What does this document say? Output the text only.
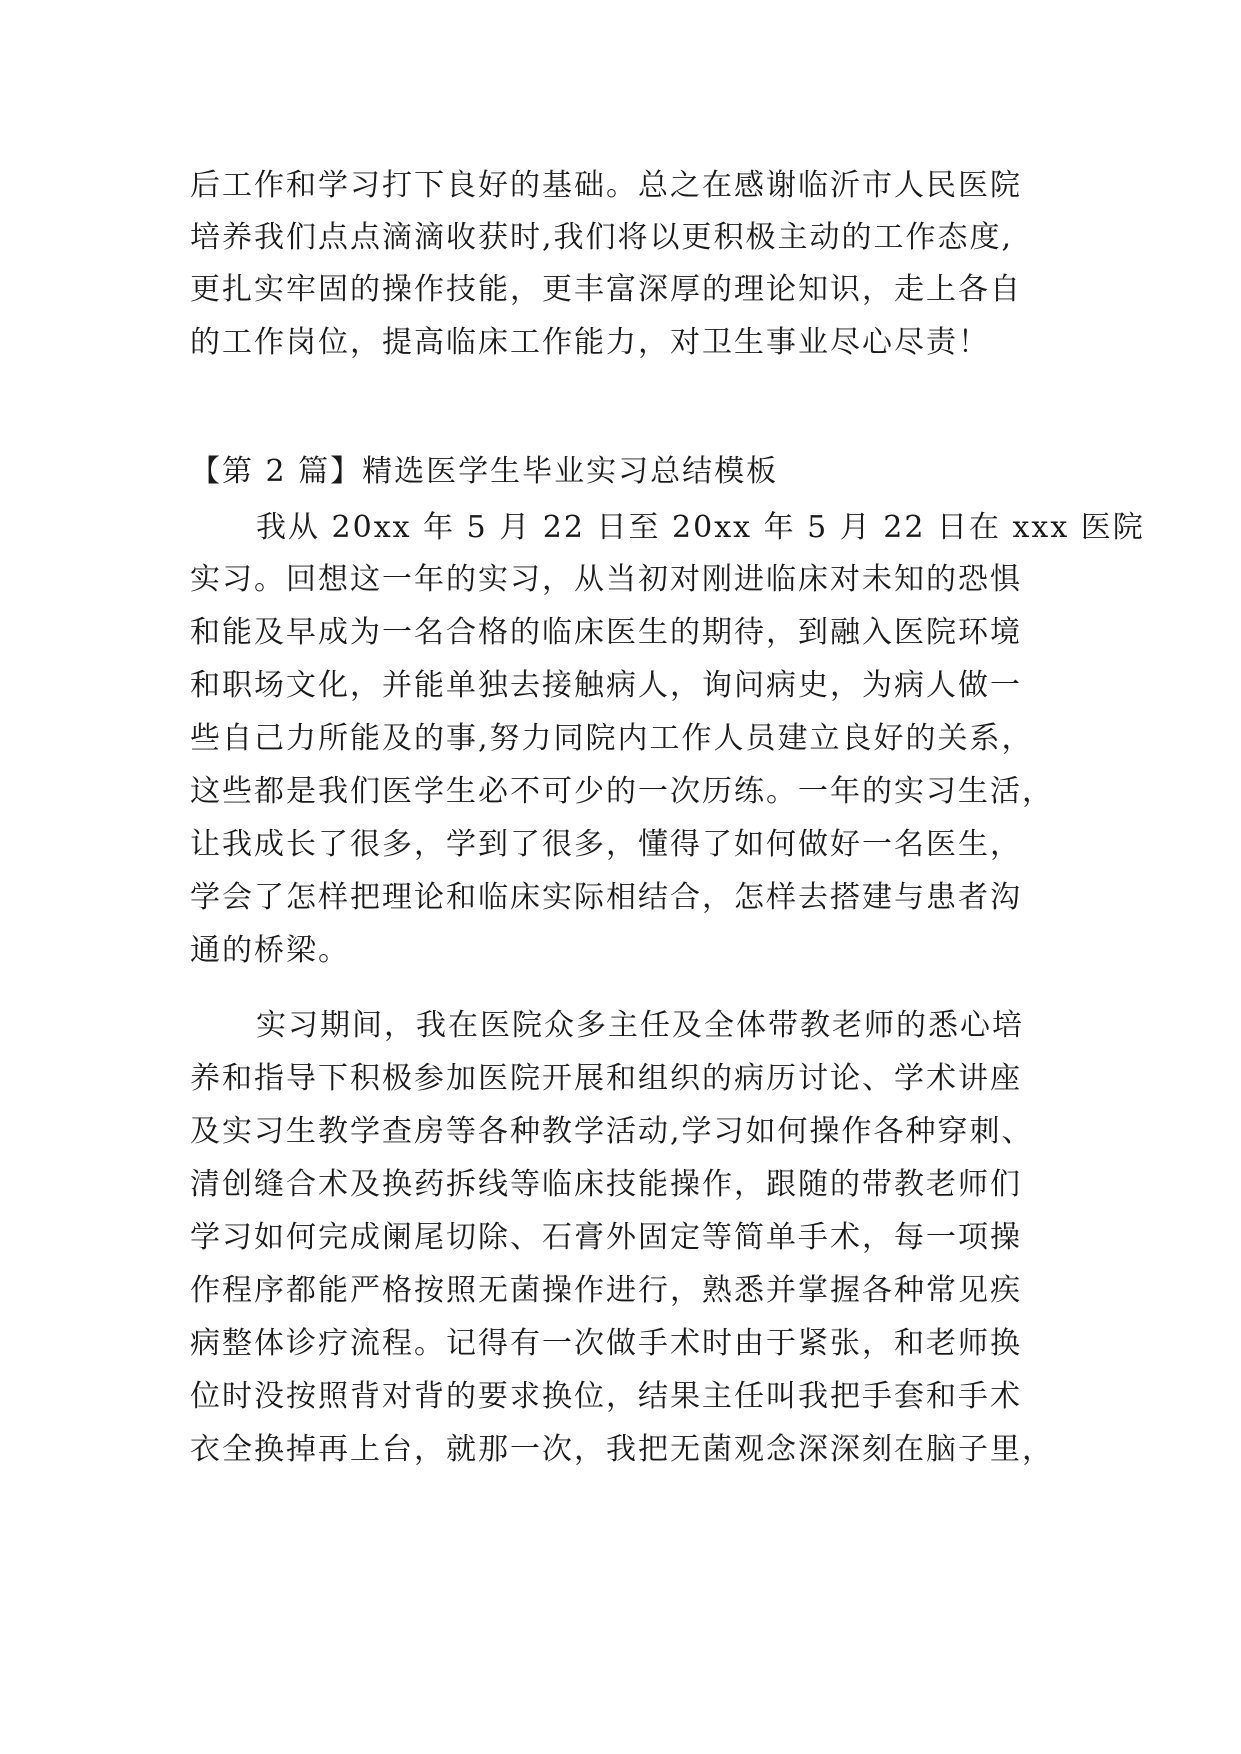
后工作和学习打下良好的基础。总之在感谢临沂市人民医院
培养我们点点滴滴收获时,我们将以更积极主动的工作态度,
更扎实牢固的操作技能，更丰富深厚的理论知识，走上各自
的工作岗位，提高临床工作能力，对卫生事业尽心尽责！
【第 2 篇】精选医学生毕业实习总结模板
我从 20xx 年 5 月 22 日至 20xx 年 5 月 22 日在 xxx 医院
实习。回想这一年的实习，从当初对刚进临床对未知的恐惧
和能及早成为一名合格的临床医生的期待，到融入医院环境
和职场文化，并能单独去接触病人，询问病史，为病人做一
些自己力所能及的事,努力同院内工作人员建立良好的关系，
这些都是我们医学生必不可少的一次历练。一年的实习生活，
让我成长了很多，学到了很多，懂得了如何做好一名医生，
学会了怎样把理论和临床实际相结合，怎样去搭建与患者沟
通的桥梁。
实习期间，我在医院众多主任及全体带教老师的悉心培
养和指导下积极参加医院开展和组织的病历讨论、学术讲座
及实习生教学查房等各种教学活动,学习如何操作各种穿刺、
清创缝合术及换药拆线等临床技能操作，跟随的带教老师们
学习如何完成阑尾切除、石膏外固定等简单手术，每一项操
作程序都能严格按照无菌操作进行，熟悉并掌握各种常见疾
病整体诊疗流程。记得有一次做手术时由于紧张，和老师换
位时没按照背对背的要求换位，结果主任叫我把手套和手术
衣全换掉再上台，就那一次，我把无菌观念深深刻在脑子里，
